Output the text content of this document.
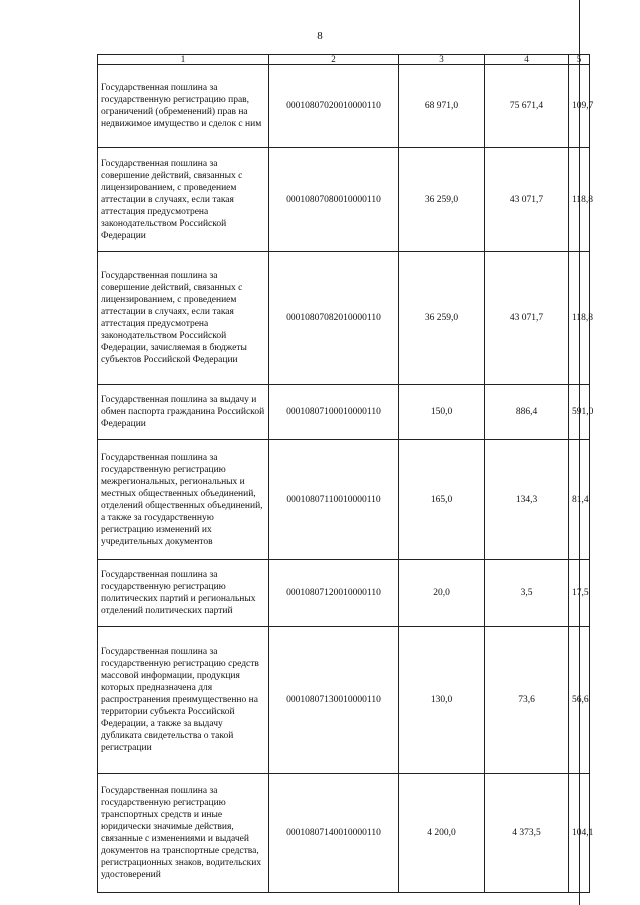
8
1	2	3	4	5
Государственная пошлина за государственную регистрацию прав, ограничений (обременений) прав на недвижимое имущество и сделок с ним	00010807020010000110	68 971,0	75 671,4	109,7
Государственная пошлина за совершение действий, связанных с лицензированием, с проведением аттестации в случаях, если такая аттестация предусмотрена законодательством Российской Федерации	00010807080010000110	36 259,0	43 071,7	118,8
Государственная пошлина за совершение действий, связанных с лицензированием, с проведением аттестации в случаях, если такая аттестация предусмотрена законодательством Российской Федерации, зачисляемая в бюджеты субъектов Российской Федерации	00010807082010000110	36 259,0	43 071,7	118,8
Государственная пошлина за выдачу и обмен паспорта гражданина Российской Федерации	00010807100010000110	150,0	886,4	591,0
Государственная пошлина за государственную регистрацию межрегиональных, региональных и местных общественных объединений, отделений общественных объединений, а также за государственную регистрацию изменений их учредительных документов	00010807110010000110	165,0	134,3	81,4
Государственная пошлина за государственную регистрацию политических партий и региональных отделений политических партий	00010807120010000110	20,0	3,5	17,5
Государственная пошлина за государственную регистрацию средств массовой информации, продукция которых предназначена для распространения преимущественно на территории субъекта Российской Федерации, а также за выдачу дубликата свидетельства о такой регистрации	00010807130010000110	130,0	73,6	56,6
Государственная пошлина за государственную регистрацию транспортных средств и иные юридически значимые действия, связанные с изменениями и выдачей документов на транспортные средства, регистрационных знаков, водительских удостоверений	00010807140010000110	4 200,0	4 373,5	104,1
